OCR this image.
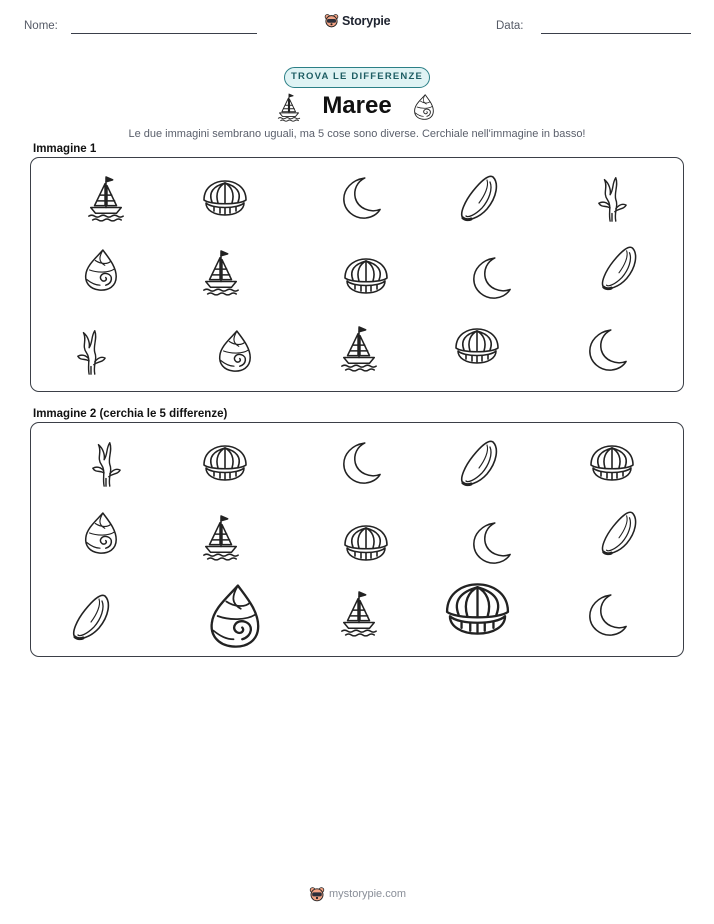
Nome:	Storypie	Data:
TROVA LE DIFFERENZE
Maree
Le due immagini sembrano uguali, ma 5 cose sono diverse. Cerchiale nell'immagine in basso!
Immagine 1
Immagine 2 (cerchia le 5 differenze)
mystorypie.com
